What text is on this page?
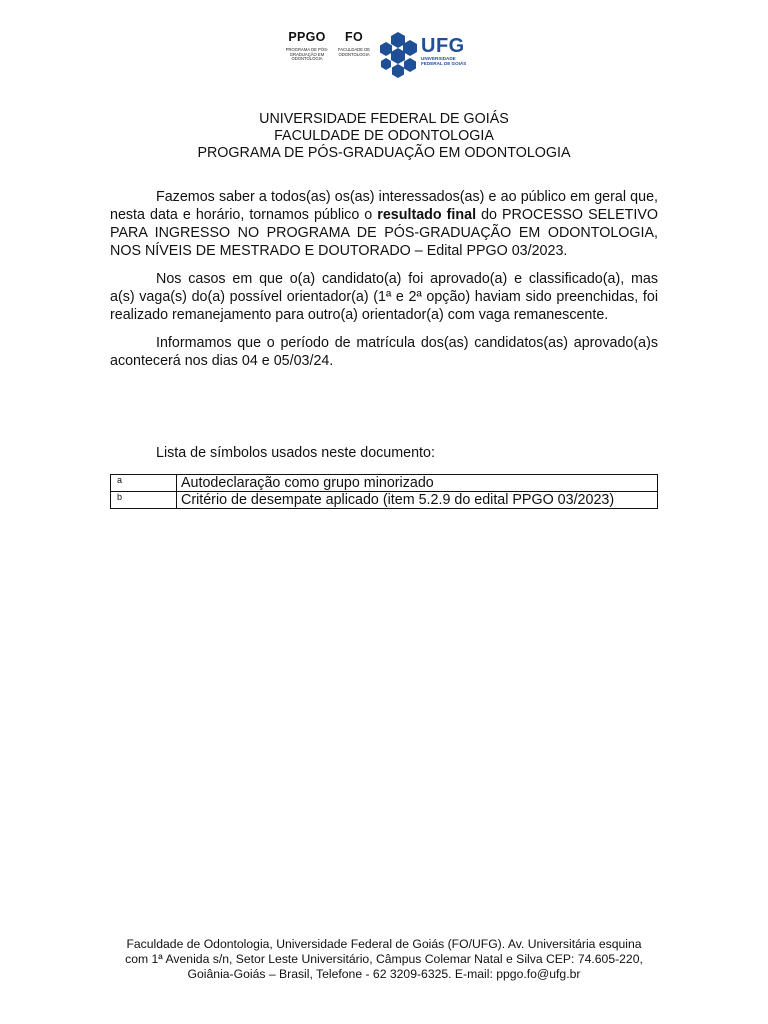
PPGO
PROGRAMA DE PÓS-GRADUAÇÃO EM ODONTOLOGIA
FO
FACULDADE DE ODONTOLOGIA	UFG
UNIVERSIDADE FEDERAL DE GOIÁS
UNIVERSIDADE FEDERAL DE GOIÁS
FACULDADE DE ODONTOLOGIA
PROGRAMA DE PÓS-GRADUAÇÃO EM ODONTOLOGIA

Fazemos saber a todos(as) os(as) interessados(as) e ao público em geral que, nesta data e horário, tornamos público o resultado final do PROCESSO SELETIVO PARA INGRESSO NO PROGRAMA DE PÓS-GRADUAÇÃO EM ODONTOLOGIA, NOS NÍVEIS DE MESTRADO E DOUTORADO – Edital PPGO 03/2023.

Nos casos em que o(a) candidato(a) foi aprovado(a) e classificado(a), mas a(s) vaga(s) do(a) possível orientador(a) (1ª e 2ª opção) haviam sido preenchidas, foi realizado remanejamento para outro(a) orientador(a) com vaga remanescente.

Informamos que o período de matrícula dos(as) candidatos(as) aprovado(a)s acontecerá nos dias 04 e 05/03/24.

Lista de símbolos usados neste documento:
a	Autodeclaração como grupo minorizado
b	Critério de desempate aplicado (item 5.2.9 do edital PPGO 03/2023)
Faculdade de Odontologia, Universidade Federal de Goiás (FO/UFG). Av. Universitária esquina
com 1ª Avenida s/n, Setor Leste Universitário, Câmpus Colemar Natal e Silva CEP: 74.605-220,
Goiânia-Goiás – Brasil, Telefone - 62 3209-6325. E-mail: ppgo.fo@ufg.br
